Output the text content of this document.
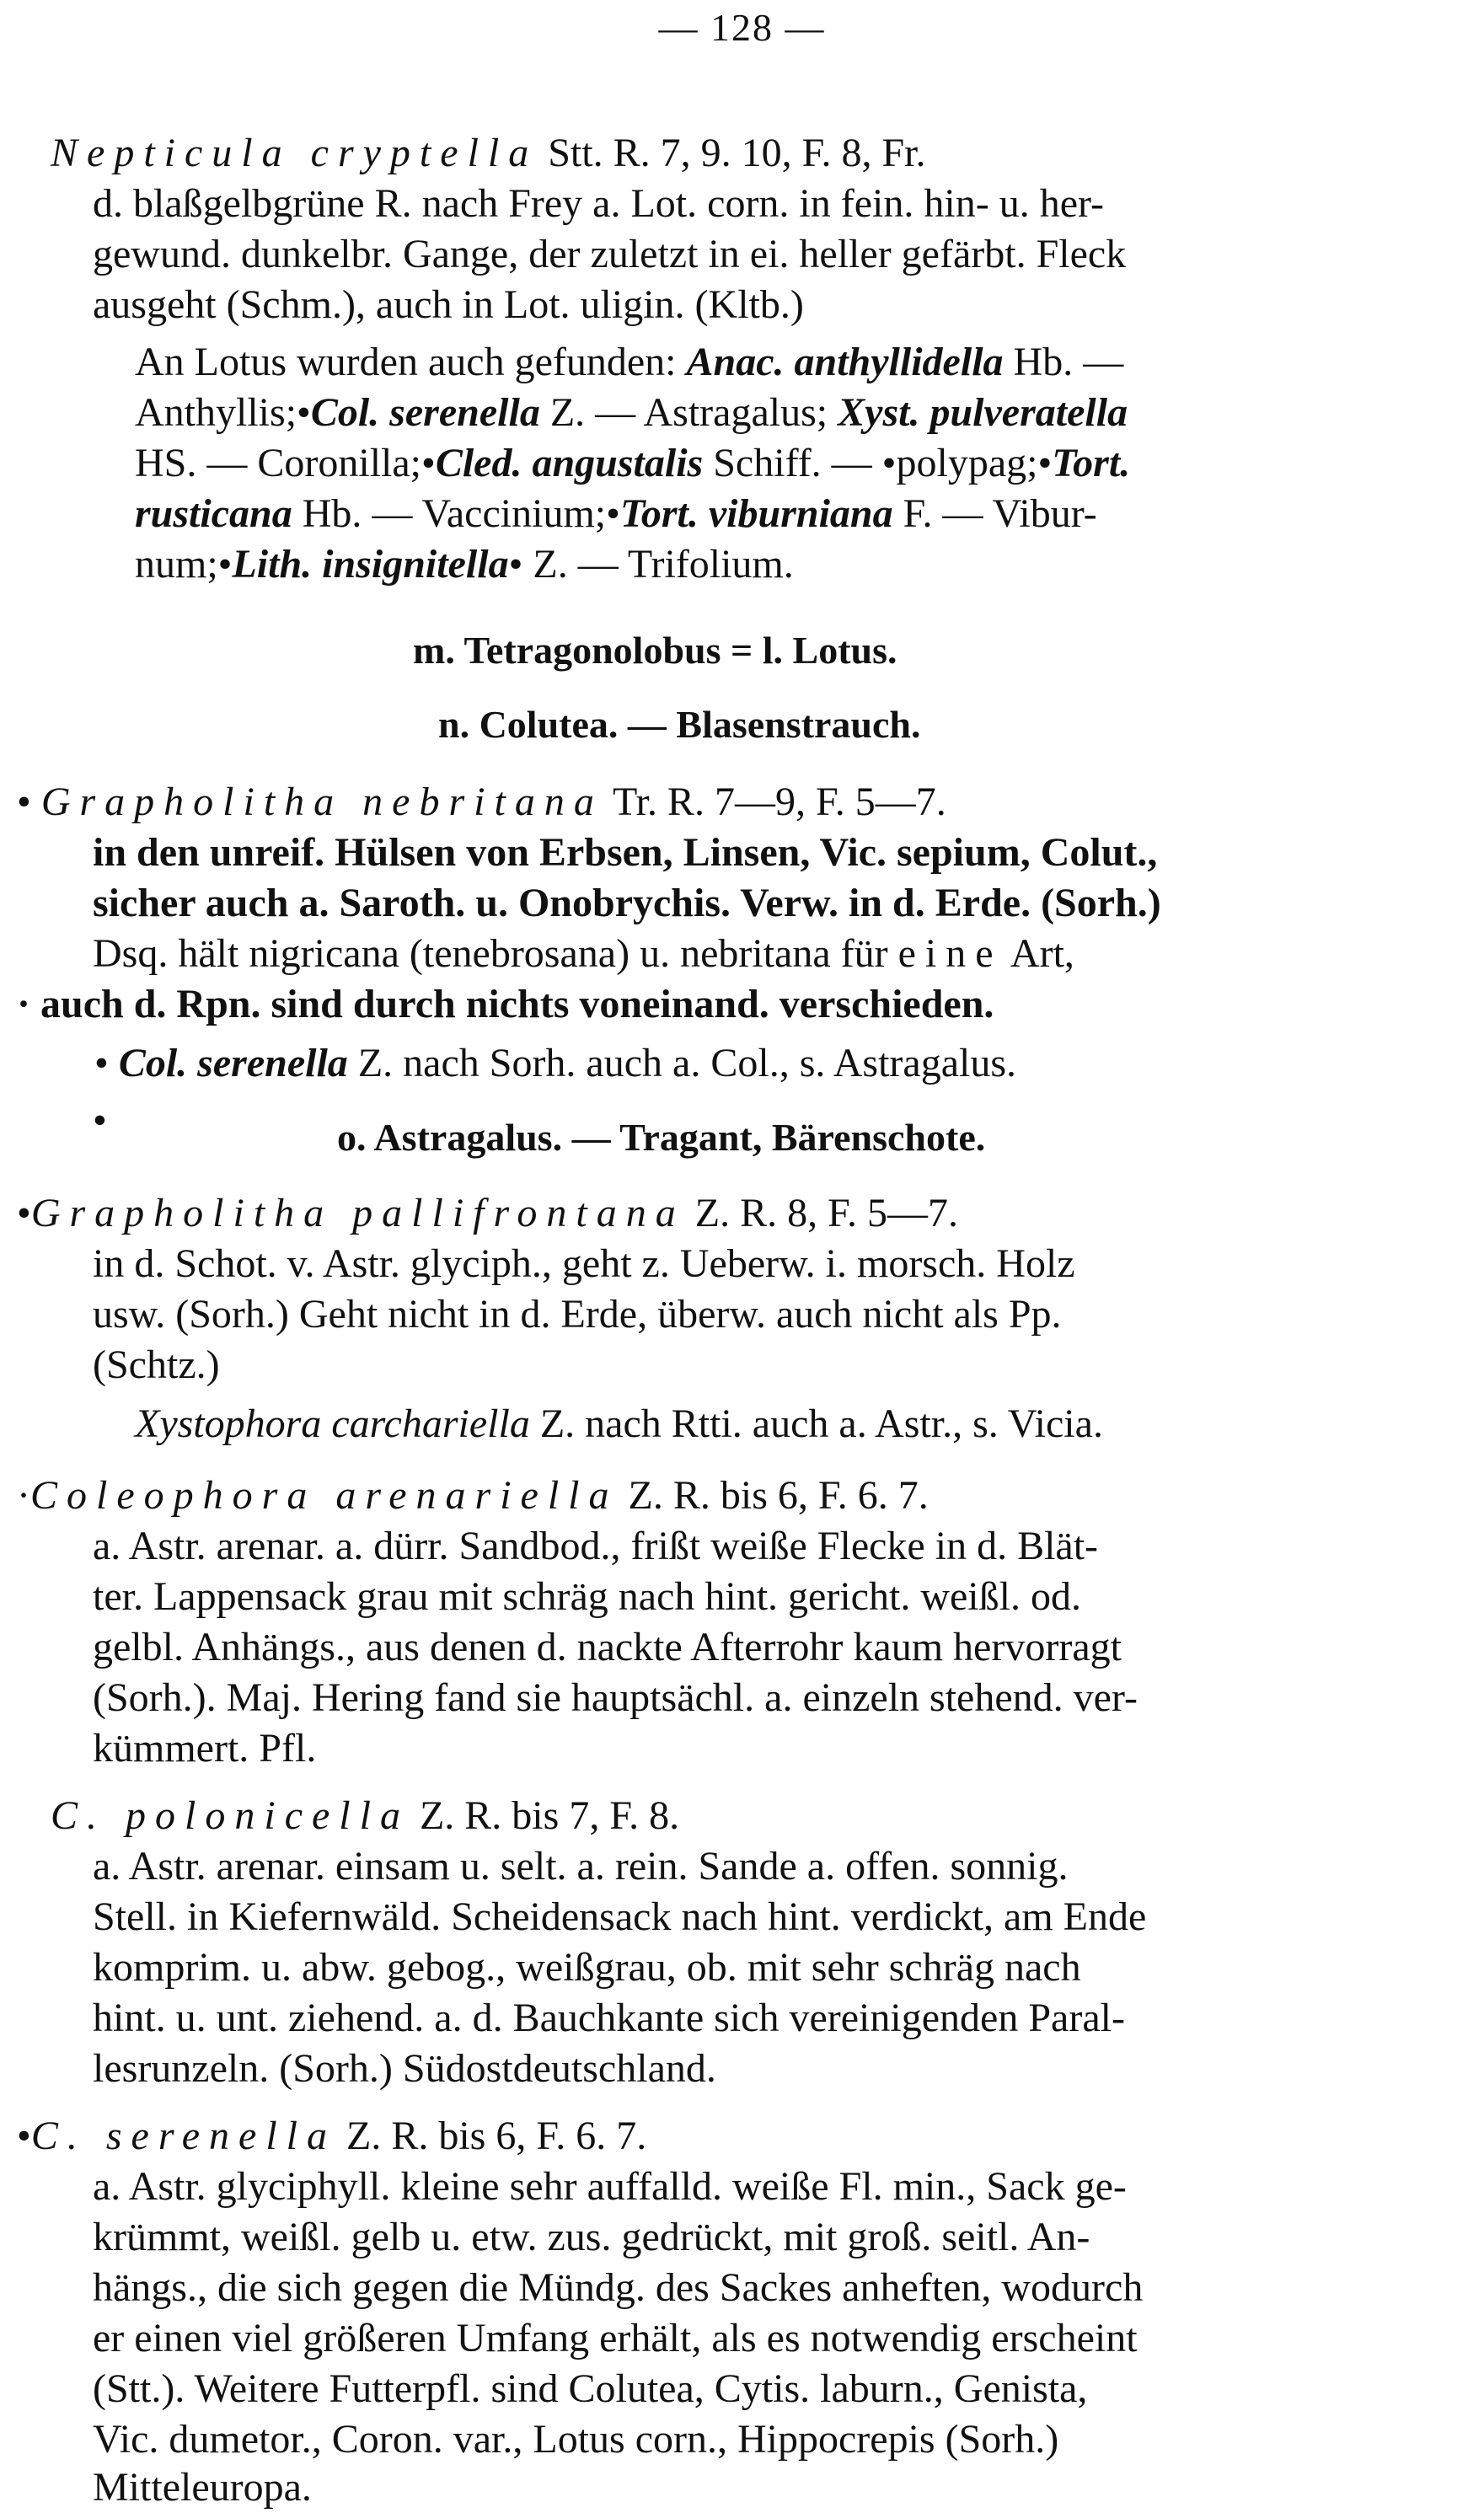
— 128 —
Nepticula cryptella Stt. R. 7, 9. 10, F. 8, Fr.
d. blaßgelbgrüne R. nach Frey a. Lot. corn. in fein. hin- u. her-
gewund. dunkelbr. Gange, der zuletzt in ei. heller gefärbt. Fleck
ausgeht (Schm.), auch in Lot. uligin. (Kltb.)
An Lotus wurden auch gefunden: Anac. anthyllidella Hb. —
Anthyllis;•Col. serenella Z. — Astragalus; Xyst. pulveratella
HS. — Coronilla;•Cled. angustalis Schiff. — •polypag;•Tort.
rusticana Hb. — Vaccinium;•Tort. viburniana F. — Vibur-
num;•Lith. insignitella• Z. — Trifolium.
m. Tetragonolobus = l. Lotus.
n. Colutea. — Blasenstrauch.
• Grapholitha nebritana Tr. R. 7—9, F. 5—7.
in den unreif. Hülsen von Erbsen, Linsen, Vic. sepium, Colut.,
sicher auch a. Saroth. u. Onobrychis. Verw. in d. Erde. (Sorh.)
Dsq. hält nigricana (tenebrosana) u. nebritana für eine Art,
· auch d. Rpn. sind durch nichts voneinand. verschieden.
• Col. serenella Z. nach Sorh. auch a. Col., s. Astragalus.
•	o. Astragalus. — Tragant, Bärenschote.
•Grapholitha pallifrontana Z. R. 8, F. 5—7.
in d. Schot. v. Astr. glyciph., geht z. Ueberw. i. morsch. Holz
usw. (Sorh.) Geht nicht in d. Erde, überw. auch nicht als Pp.
(Schtz.)
Xystophora carchariella Z. nach Rtti. auch a. Astr., s. Vicia.
·Coleophora arenariella Z. R. bis 6, F. 6. 7.
a. Astr. arenar. a. dürr. Sandbod., frißt weiße Flecke in d. Blät-
ter. Lappensack grau mit schräg nach hint. gericht. weißl. od.
gelbl. Anhängs., aus denen d. nackte Afterrohr kaum hervorragt
(Sorh.). Maj. Hering fand sie hauptsächl. a. einzeln stehend. ver-
kümmert. Pfl.
C. polonicella Z. R. bis 7, F. 8.
a. Astr. arenar. einsam u. selt. a. rein. Sande a. offen. sonnig.
Stell. in Kiefernwäld. Scheidensack nach hint. verdickt, am Ende
komprim. u. abw. gebog., weißgrau, ob. mit sehr schräg nach
hint. u. unt. ziehend. a. d. Bauchkante sich vereinigenden Paral-
lesrunzeln. (Sorh.) Südostdeutschland.
•C. serenella Z. R. bis 6, F. 6. 7.
a. Astr. glyciphyll. kleine sehr auffalld. weiße Fl. min., Sack ge-
krümmt, weißl. gelb u. etw. zus. gedrückt, mit groß. seitl. An-
hängs., die sich gegen die Mündg. des Sackes anheften, wodurch
er einen viel größeren Umfang erhält, als es notwendig erscheint
(Stt.). Weitere Futterpfl. sind Colutea, Cytis. laburn., Genista,
Vic. dumetor., Coron. var., Lotus corn., Hippocrepis (Sorh.)
Mitteleuropa.
